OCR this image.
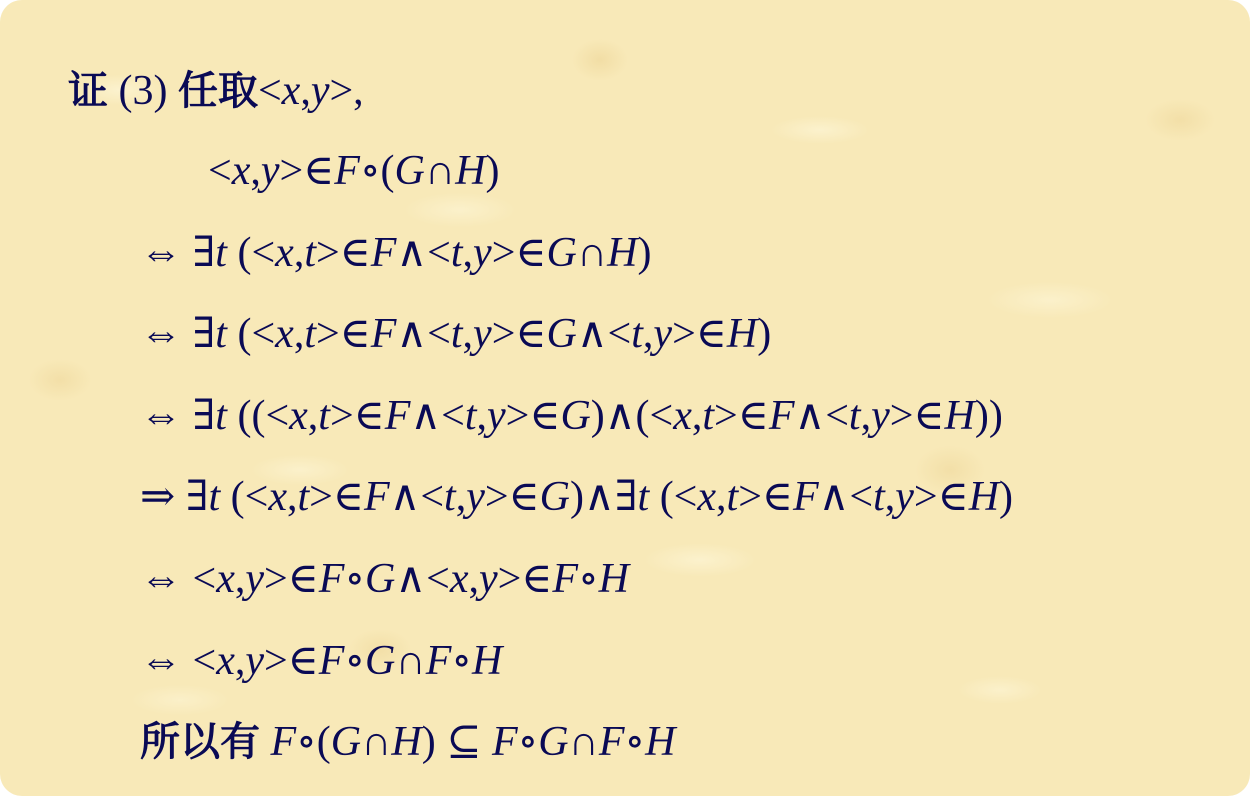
证 (3) 任取<x,y>,
<x,y>∈F∘(G∩H)
⇔ ∃t (<x,t>∈F∧<t,y>∈G∩H)
⇔ ∃t (<x,t>∈F∧<t,y>∈G∧<t,y>∈H)
⇔ ∃t ((<x,t>∈F∧<t,y>∈G)∧(<x,t>∈F∧<t,y>∈H))
⇒ ∃t (<x,t>∈F∧<t,y>∈G)∧∃t (<x,t>∈F∧<t,y>∈H)
⇔ <x,y>∈F∘G∧<x,y>∈F∘H
⇔ <x,y>∈F∘G∩F∘H
所以有 F∘(G∩H) ⊆ F∘G∩F∘H
